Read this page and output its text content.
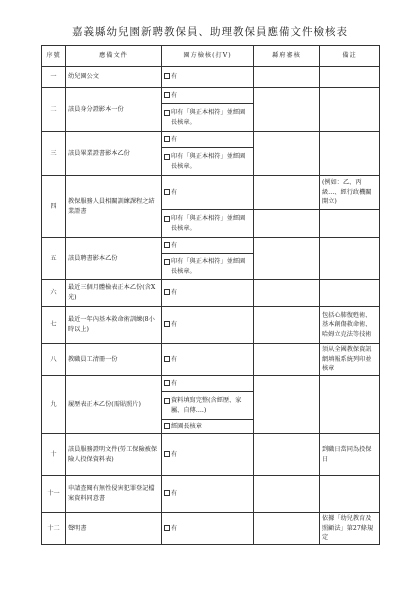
嘉義縣幼兒園新聘教保員、助理教保員應備文件檢核表
序號	應備文件	園方檢核(打V)	縣府審核	備註
一	幼兒園公文	有		
二	該員身分證影本一份	有		

		印有「與正本相符」並經園長核章。		

三	該員畢業證書影本乙份	有		

		印有「與正本相符」並經園長核章。		

四	教保服務人員相關訓練課程之結業證書	有		(例如：乙、丙級…、經行政機關開立)

		印有「與正本相符」並經園長核章。		

五	該員聘書影本乙份	有		

		印有「與正本相符」並經園長核章。		

六	最近三個月體檢表正本乙份(含X光)	有		
七	最近一年內基本救命術訓練(8小時以上)	有		包括心肺復甦術、基本創傷救命術、哈姆立克法等技術
八	教職員工清冊一份	有		須从全國教保資訊網填報系統列印並核章
九	履歷表正本乙份(需貼照片)	有		

		資料填寫完整(含經歷、家屬、自傳….)		

		經園長核章		
十	該員服務證明文件(勞工保險被保險人投保資料表)	有		到職日當同為投保日
十一	申請查閱有無性侵害犯罪登記檔案資料同意書	有		
十二	聲明書	有		依據「幼兒教育及照顧法」第27條規定
